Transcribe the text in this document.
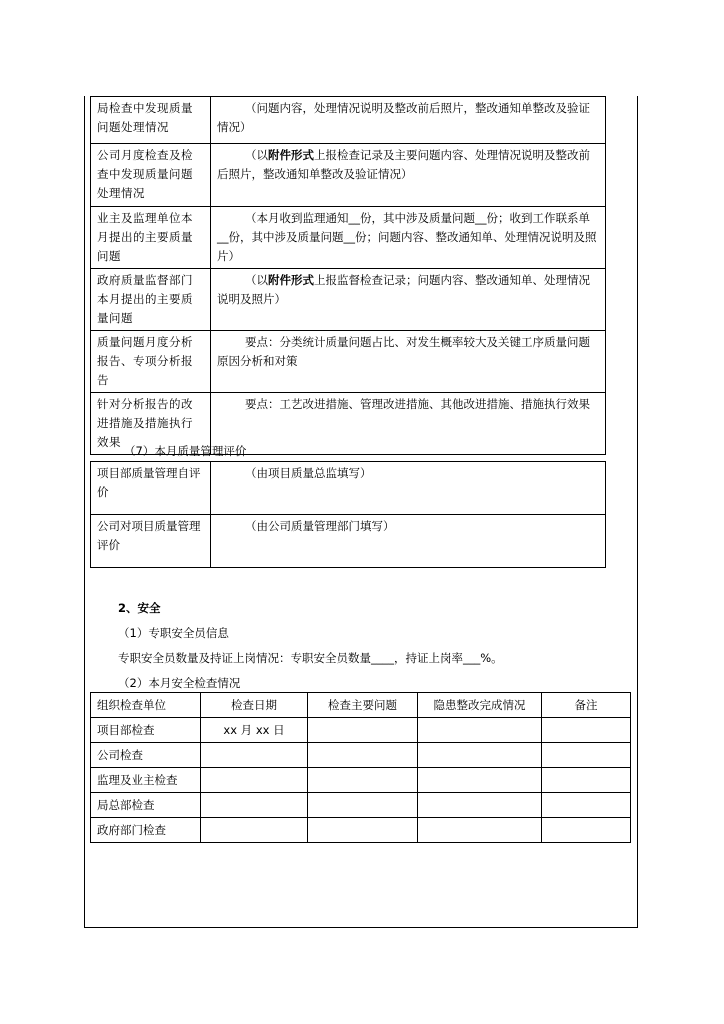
局检查中发现质量问题处理情况	（问题内容，处理情况说明及整改前后照片，整改通知单整改及验证情况）
公司月度检查及检查中发现质量问题处理情况	（以附件形式上报检查记录及主要问题内容、处理情况说明及整改前后照片，整改通知单整改及验证情况）
业主及监理单位本月提出的主要质量问题	（本月收到监理通知__份，其中涉及质量问题__份；收到工作联系单__份，其中涉及质量问题__份；问题内容、整改通知单、处理情况说明及照片）
政府质量监督部门本月提出的主要质量问题	（以附件形式上报监督检查记录；问题内容、整改通知单、处理情况说明及照片）
质量问题月度分析报告、专项分析报告	要点：分类统计质量问题占比、对发生概率较大及关键工序质量问题原因分析和对策
针对分析报告的改进措施及措施执行效果	要点：工艺改进措施、管理改进措施、其他改进措施、措施执行效果
（7）本月质量管理评价
项目部质量管理自评价	（由项目质量总监填写）
公司对项目质量管理评价	（由公司质量管理部门填写）
2、安全
（1）专职安全员信息
专职安全员数量及持证上岗情况：专职安全员数量____，持证上岗率___%。
（2）本月安全检查情况
组织检查单位	检查日期	检查主要问题	隐患整改完成情况	备注
项目部检查	xx 月 xx 日			
公司检查				
监理及业主检查				
局总部检查				
政府部门检查				
